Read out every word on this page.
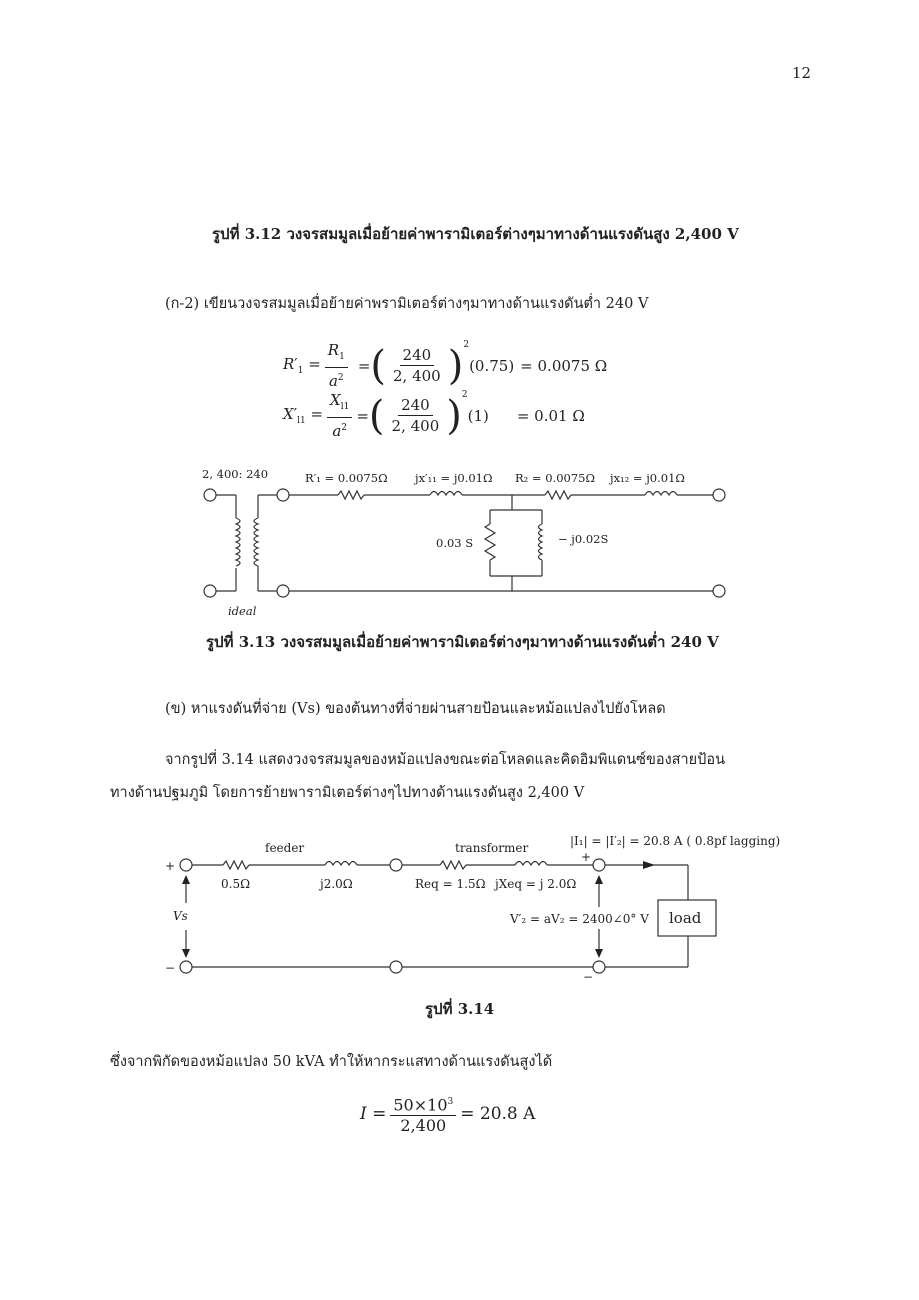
12
รูปที่ 3.12 วงจรสมมูลเมื่อย้ายค่าพารามิเตอร์ต่างๆมาทางด้านแรงดันสูง 2,400 V
(ก-2) เขียนวงจรสมมูลเมื่อย้ายค่าพรามิเตอร์ต่างๆมาทางด้านแรงดันต่ำ 240 V
$R'_1 = \frac{R_1}{a^2}$ = ( $\frac{240}{2, 400} )^2$
(0.75) = 0.0075 Ω
$X'_{l1} = \frac{X_{l1}}{a^2}$ = ( $\frac{240}{2, 400} )^2$
(1) = 0.01 Ω
2, 400: 240	R′₁ = 0.0075Ω jx′₁₁ = j0.01Ω R₂ = 0.0075Ω jx₁₂ = j0.01Ω
0.03 S	− j0.02S
ideal
รูปที่ 3.13 วงจรสมมูลเมื่อย้ายค่าพารามิเตอร์ต่างๆมาทางด้านแรงดันต่ำ 240 V
(ข) หาแรงดันที่จ่าย (Vs) ของต้นทางที่จ่ายผ่านสายป้อนและหม้อแปลงไปยังโหลด
จากรูปที่ 3.14 แสดงวงจรสมมูลของหม้อแปลงขณะต่อโหลดและคิดอิมพิแดนซ์ของสายป้อน
ทางด้านปฐมภูมิ โดยการย้ายพารามิเตอร์ต่างๆไปทางด้านแรงดันสูง 2,400 V
feeder	transformer
0.5Ω	j2.0Ω	Req = 1.5Ω jXeq = j 2.0Ω
|I₁| = |I′₂| = 20.8 A ( 0.8pf lagging)
Vs	V′₂ = aV₂ = 2400∠0° V load
+
−
+
−
รูปที่ 3.14
ซึ่งจากพิกัดของหม้อแปลง 50 kVA ทำให้หากระแสทางด้านแรงดันสูงได้
$I = \frac{50\times 10^3}{2,400} = 20.8$ A
